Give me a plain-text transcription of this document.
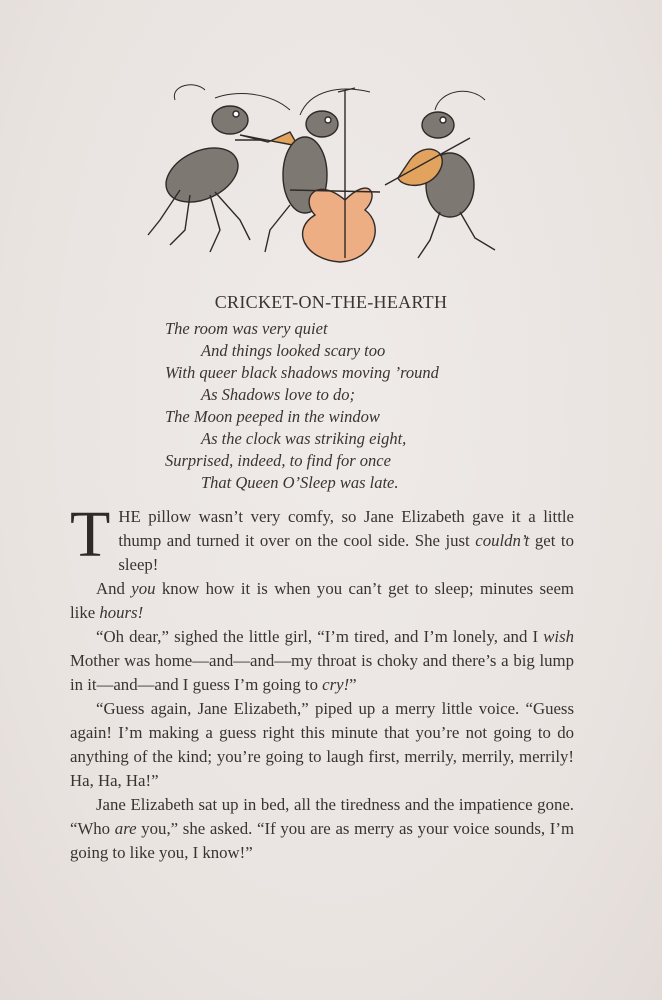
CRICKET-ON-THE-HEARTH
The room was very quiet
And things looked scary too
With queer black shadows moving ’round
As Shadows love to do;
The Moon peeped in the window
As the clock was striking eight,
Surprised, indeed, to find for once
That Queen O’Sleep was late.

THE pillow wasn’t very comfy, so Jane Elizabeth gave it a little thump and turned it over on the cool side. She just couldn’t get to sleep!

And you know how it is when you can’t get to sleep; minutes seem like hours!

“Oh dear,” sighed the little girl, “I’m tired, and I’m lonely, and I wish Mother was home—and—and—my throat is choky and there’s a big lump in it—and—and I guess I’m going to cry!”

“Guess again, Jane Elizabeth,” piped up a merry little voice. “Guess again! I’m making a guess right this minute that you’re not going to do anything of the kind; you’re going to laugh first, merrily, merrily, merrily! Ha, Ha, Ha!”

Jane Elizabeth sat up in bed, all the tiredness and the impatience gone. “Who are you,” she asked. “If you are as merry as your voice sounds, I’m going to like you, I know!”
